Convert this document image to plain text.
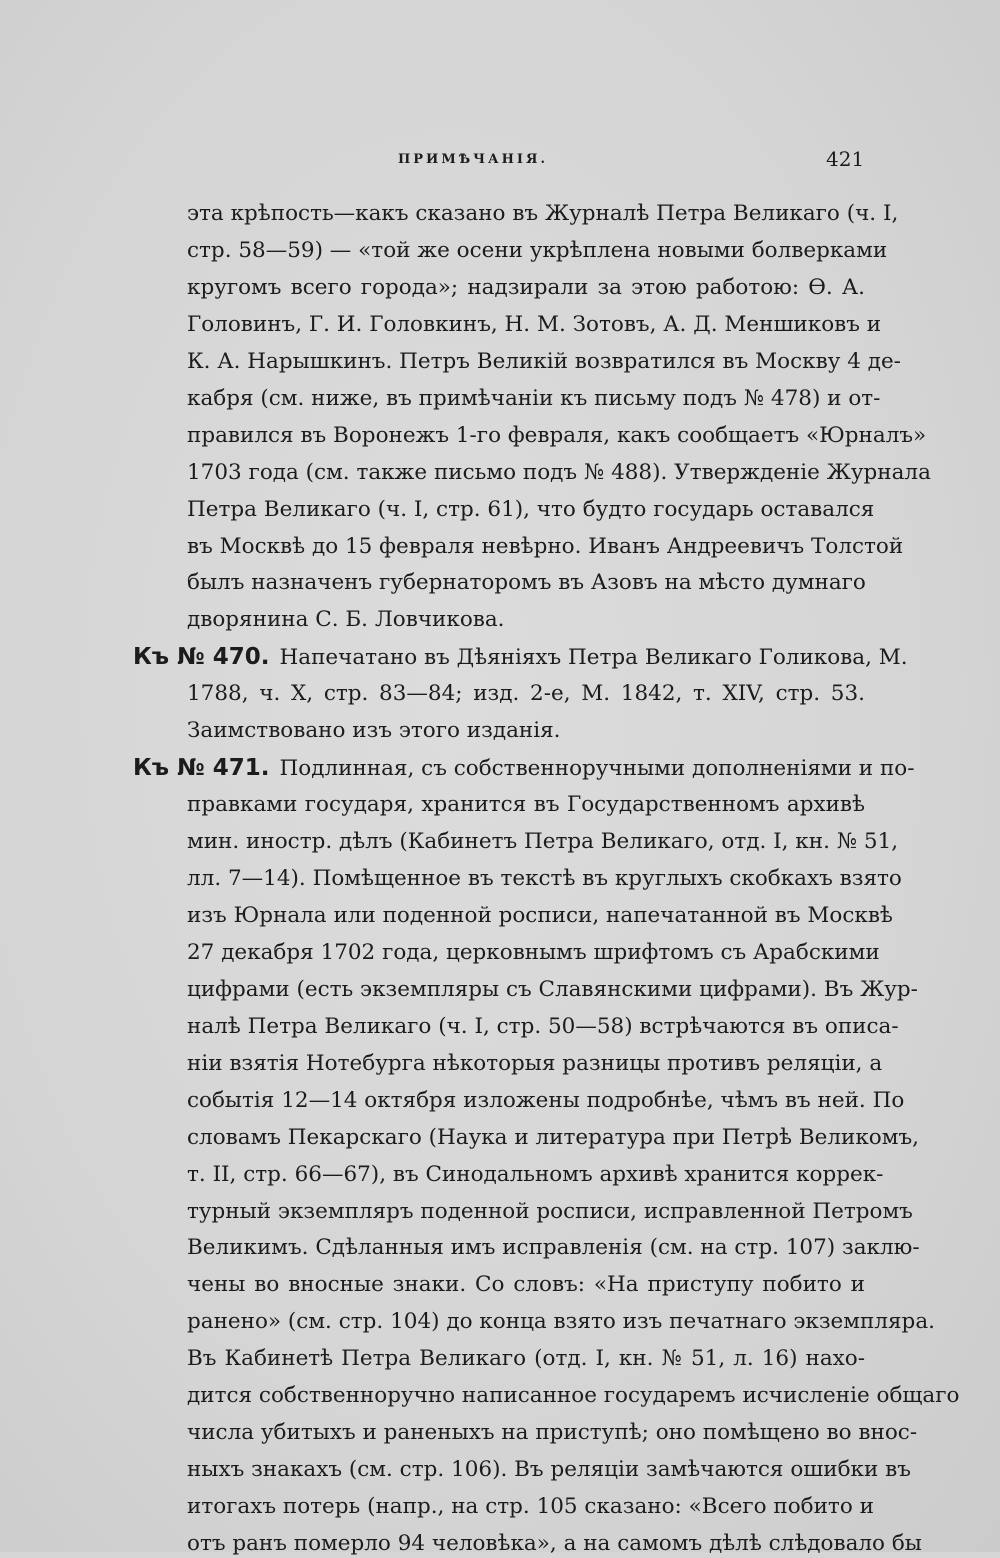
ПРИМѢЧАНІЯ.	421
эта крѣпость—какъ сказано въ Журналѣ Петра Великаго (ч. I,
стр. 58—59) — «той же осени укрѣплена новыми болверками
кругомъ всего города»; надзирали за этою работою: Ѳ. А.
Головинъ, Г. И. Головкинъ, Н. М. Зотовъ, А. Д. Меншиковъ и
К. А. Нарышкинъ. Петръ Великій возвратился въ Москву 4 де-
кабря (см. ниже, въ примѣчаніи къ письму подъ № 478) и от-
правился въ Воронежъ 1-го февраля, какъ сообщаетъ «Юрналъ»
1703 года (см. также письмо подъ № 488). Утвержденіе Журнала
Петра Великаго (ч. I, стр. 61), что будто государь оставался
въ Москвѣ до 15 февраля невѣрно. Иванъ Андреевичъ Толстой
былъ назначенъ губернаторомъ въ Азовъ на мѣсто думнаго
дворянина С. Б. Ловчикова.
Къ № 470. Напечатано въ Дѣяніяхъ Петра Великаго Голикова, М.
1788, ч. X, стр. 83—84; изд. 2-е, М. 1842, т. XIV, стр. 53.
Заимствовано изъ этого изданія.
Къ № 471. Подлинная, съ собственноручными дополненіями и по-
правками государя, хранится въ Государственномъ архивѣ
мин. иностр. дѣлъ (Кабинетъ Петра Великаго, отд. I, кн. № 51,
лл. 7—14). Помѣщенное въ текстѣ въ круглыхъ скобкахъ взято
изъ Юрнала или поденной росписи, напечатанной въ Москвѣ
27 декабря 1702 года, церковнымъ шрифтомъ съ Арабскими
цифрами (есть экземпляры съ Славянскими цифрами). Въ Жур-
налѣ Петра Великаго (ч. I, стр. 50—58) встрѣчаются въ описа-
ніи взятія Нотебурга нѣкоторыя разницы противъ реляціи, а
событія 12—14 октября изложены подробнѣе, чѣмъ въ ней. По
словамъ Пекарскаго (Наука и литература при Петрѣ Великомъ,
т. II, стр. 66—67), въ Синодальномъ архивѣ хранится коррек-
турный экземпляръ поденной росписи, исправленной Петромъ
Великимъ. Сдѣланныя имъ исправленія (см. на стр. 107) заклю-
чены во вносные знаки. Со словъ: «На приступу побито и
ранено» (см. стр. 104) до конца взято изъ печатнаго экземпляра.
Въ Кабинетѣ Петра Великаго (отд. I, кн. № 51, л. 16) нахо-
дится собственноручно написанное государемъ исчисленіе общаго
числа убитыхъ и раненыхъ на приступѣ; оно помѣщено во внос-
ныхъ знакахъ (см. стр. 106). Въ реляціи замѣчаются ошибки въ
итогахъ потерь (напр., на стр. 105 сказано: «Всего побито и
отъ ранъ померло 94 человѣка», а на самомъ дѣлѣ слѣдовало бы
